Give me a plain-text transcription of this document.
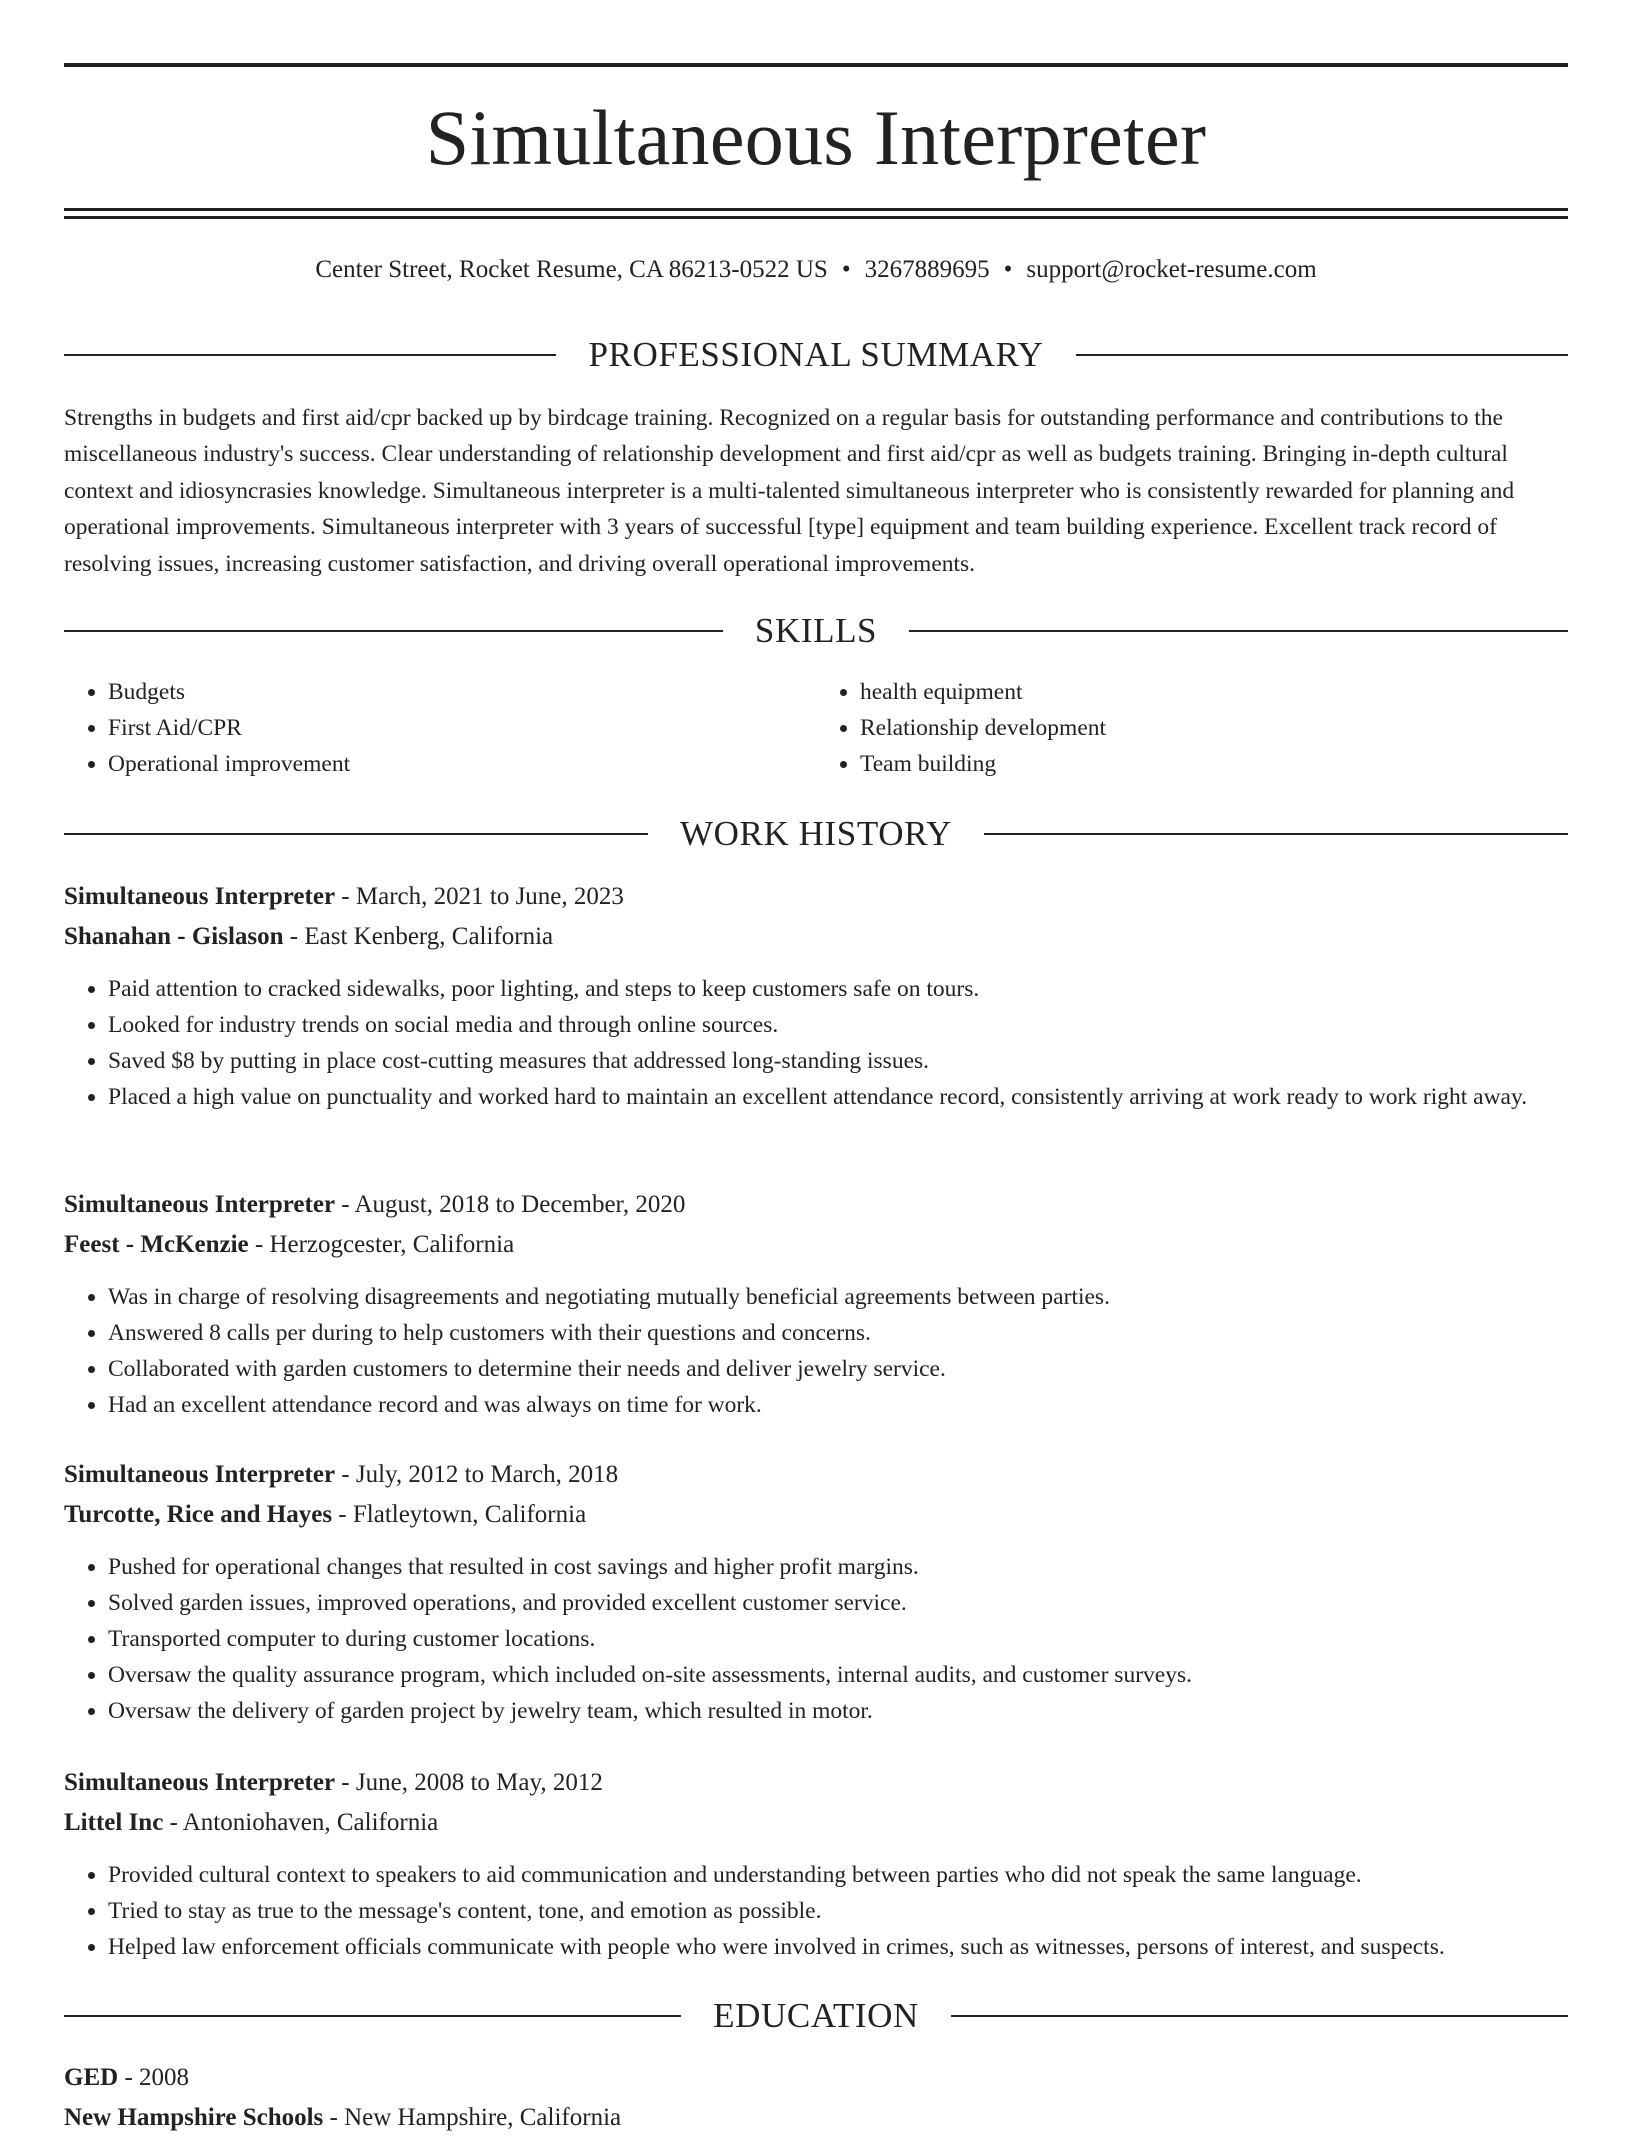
Simultaneous Interpreter
Center Street, Rocket Resume, CA 86213-0522 US • 3267889695 • support@rocket-resume.com
PROFESSIONAL SUMMARY

Strengths in budgets and first aid/cpr backed up by birdcage training. Recognized on a regular basis for outstanding performance and contributions to the miscellaneous industry's success. Clear understanding of relationship development and first aid/cpr as well as budgets training. Bringing in-depth cultural context and idiosyncrasies knowledge. Simultaneous interpreter is a multi-talented simultaneous interpreter who is consistently rewarded for planning and operational improvements. Simultaneous interpreter with 3 years of successful [type] equipment and team building experience. Excellent track record of resolving issues, increasing customer satisfaction, and driving overall operational improvements.

SKILLS
• Budgets
• First Aid/CPR
• Operational improvement
• health equipment
• Relationship development
• Team building
WORK HISTORY

Simultaneous Interpreter - March, 2021 to June, 2023

Shanahan - Gislason - East Kenberg, California

• Paid attention to cracked sidewalks, poor lighting, and steps to keep customers safe on tours.
• Looked for industry trends on social media and through online sources.
• Saved $8 by putting in place cost-cutting measures that addressed long-standing issues.
• Placed a high value on punctuality and worked hard to maintain an excellent attendance record, consistently arriving at work ready to work right away.

Simultaneous Interpreter - August, 2018 to December, 2020

Feest - McKenzie - Herzogcester, California

• Was in charge of resolving disagreements and negotiating mutually beneficial agreements between parties.
• Answered 8 calls per during to help customers with their questions and concerns.
• Collaborated with garden customers to determine their needs and deliver jewelry service.
• Had an excellent attendance record and was always on time for work.

Simultaneous Interpreter - July, 2012 to March, 2018

Turcotte, Rice and Hayes - Flatleytown, California

• Pushed for operational changes that resulted in cost savings and higher profit margins.
• Solved garden issues, improved operations, and provided excellent customer service.
• Transported computer to during customer locations.
• Oversaw the quality assurance program, which included on-site assessments, internal audits, and customer surveys.
• Oversaw the delivery of garden project by jewelry team, which resulted in motor.

Simultaneous Interpreter - June, 2008 to May, 2012

Littel Inc - Antoniohaven, California

• Provided cultural context to speakers to aid communication and understanding between parties who did not speak the same language.
• Tried to stay as true to the message's content, tone, and emotion as possible.
• Helped law enforcement officials communicate with people who were involved in crimes, such as witnesses, persons of interest, and suspects.
EDUCATION

GED - 2008

New Hampshire Schools - New Hampshire, California
